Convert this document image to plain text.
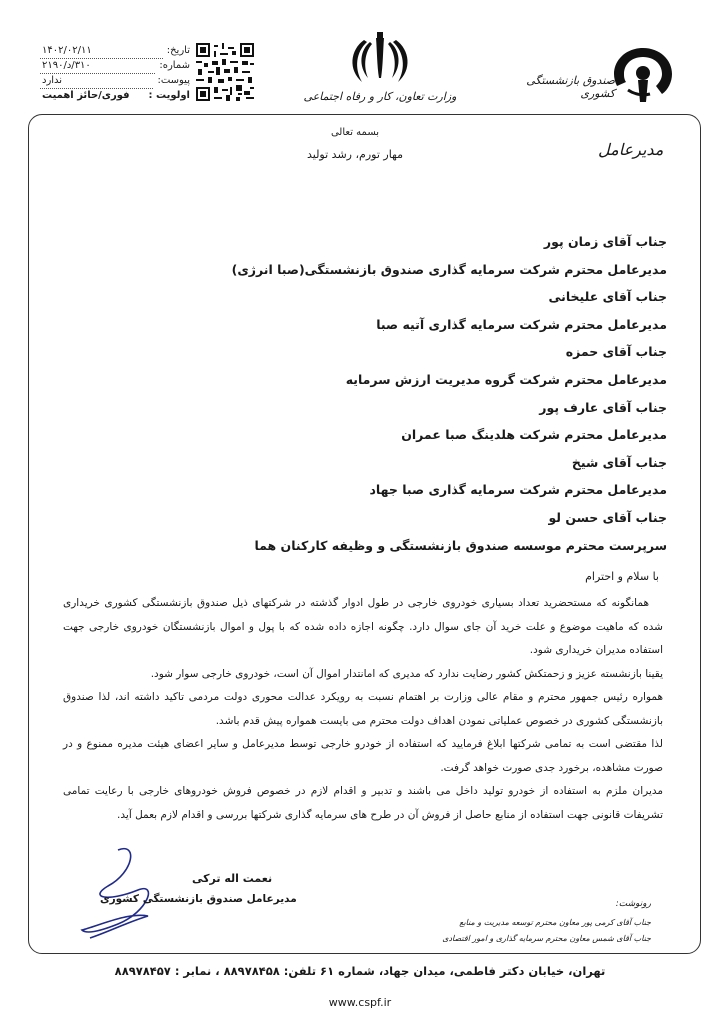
تاریخ:
۱۴۰۲/۰۲/۱۱
شماره:
۳۱۰/د/۲۱۹۰
پیوست:
ندارد
اولویت :
فوری/حائز اهمیت	وزارت تعاون، کار و رفاه اجتماعی
صندوق بازنشستگی کشوری
مدیرعامل
بسمه تعالی
مهار تورم، رشد تولید
جناب آقای زمان پور
مدیرعامل محترم شرکت سرمایه گذاری صندوق بازنشستگی(صبا انرژی)
جناب آقای علیخانی
مدیرعامل محترم شرکت سرمایه گذاری آتیه صبا
جناب آقای حمزه
مدیرعامل محترم شرکت گروه مدیریت ارزش سرمایه
جناب آقای عارف پور
مدیرعامل محترم شرکت هلدینگ صبا عمران
جناب آقای شیخ
مدیرعامل محترم شرکت سرمایه گذاری صبا جهاد
جناب آقای حسن لو
سرپرست محترم موسسه صندوق بازنشستگی و وظیفه کارکنان هما
با سلام و احترام

همانگونه که مستحضرید تعداد بسیاری خودروی خارجی در طول ادوار گذشته در شرکتهای ذیل صندوق بازنشستگی کشوری خریداری شده که ماهیت موضوع و علت خرید آن جای سوال دارد. چگونه اجازه داده شده که با پول و اموال بازنشستگان خودروی خارجی جهت استفاده مدیران خریداری شود.

یقینا بازنشسته عزیز و زحمتکش کشور رضایت ندارد که مدیری که امانتدار اموال آن است، خودروی خارجی سوار شود.

همواره رئیس جمهور محترم و مقام عالی وزارت بر اهتمام نسبت به رویکرد عدالت محوری دولت مردمی تاکید داشته اند، لذا صندوق بازنشستگی کشوری در خصوص عملیاتی نمودن اهداف دولت محترم می بایست همواره پیش قدم باشد.

لذا مقتضی است به تمامی شرکتها ابلاغ فرمایید که استفاده از خودرو خارجی توسط مدیرعامل و سایر اعضای هیئت مدیره ممنوع و در صورت مشاهده، برخورد جدی صورت خواهد گرفت.

مدیران ملزم به استفاده از خودرو تولید داخل می باشند و تدبیر و اقدام لازم در خصوص فروش خودروهای خارجی با رعایت تمامی تشریفات قانونی جهت استفاده از منابع حاصل از فروش آن در طرح های سرمایه گذاری شرکتها بررسی و اقدام لازم بعمل آید.

نعمت اله ترکی
مدیرعامل صندوق بازنشستگی کشوری	رونوشت:
جناب آقای کرمی پور معاون محترم توسعه مدیریت و منابع
جناب آقای شمس معاون محترم سرمایه گذاری و امور اقتصادی
تهران، خیابان دکتر فاطمی، میدان جهاد، شماره ۶۱ تلفن: ۸۸۹۷۸۴۵۸ ، نمابر : ۸۸۹۷۸۴۵۷
www.cspf.ir
